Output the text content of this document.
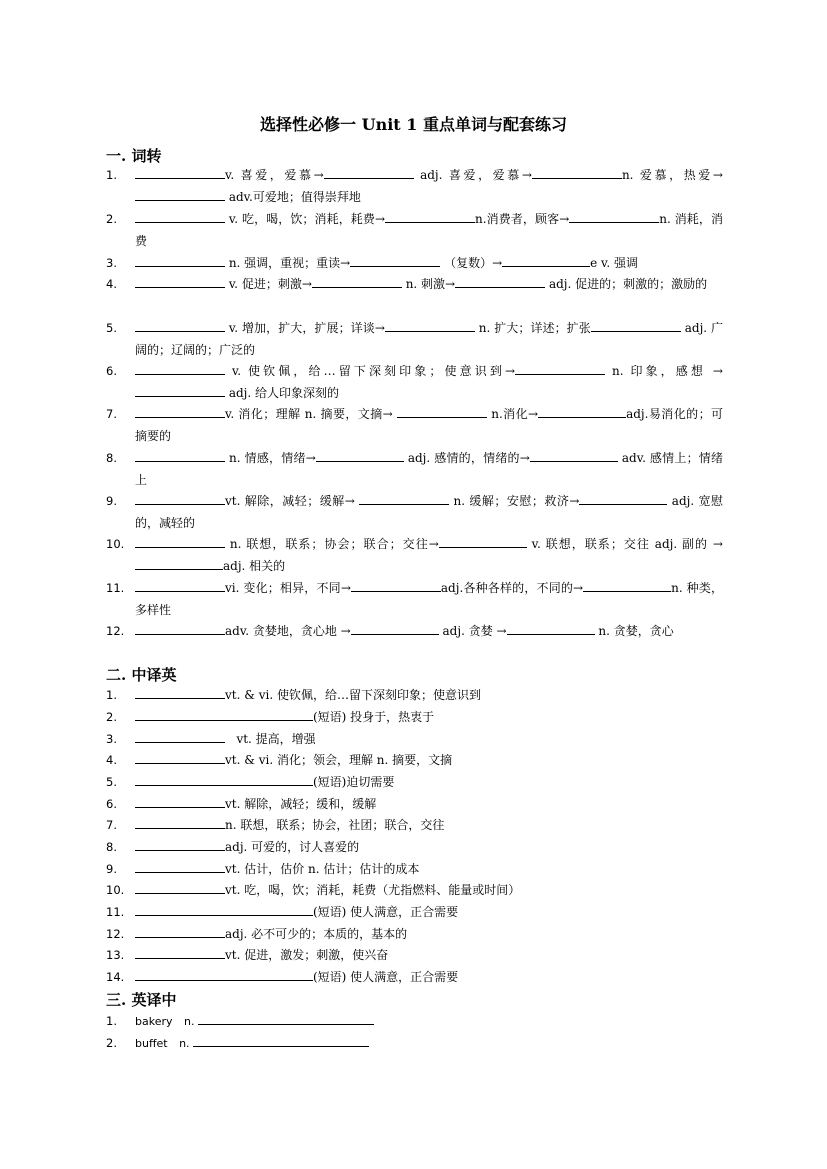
选择性必修一 Unit 1 重点单词与配套练习
一. 词转
1.	v. 喜爱，爱慕→	adj. 喜爱，爱慕→	n. 爱慕，热爱→ adv.可爱地；值得崇拜地
2.	v. 吃，喝，饮；消耗，耗费→	n.消费者，顾客→	n. 消耗，消费
3.	n. 强调，重视；重读→	（复数）→	e v. 强调
4.	v. 促进；刺激→	n. 刺激→	adj. 促进的；刺激的；激励的
5.	v. 增加，扩大，扩展；详谈→	n. 扩大；详述；扩张	adj. 广阔的；辽阔的；广泛的
6.	v. 使钦佩，给…留下深刻印象；使意识到→	n. 印象，感想 → adj. 给人印象深刻的
7.	v. 消化；理解 n. 摘要，文摘→	n.消化→	adj.易消化的；可摘要的
8.	n. 情感，情绪→	adj. 感情的，情绪的→	adv. 感情上；情绪上
9.	vt. 解除，减轻；缓解→	n. 缓解；安慰；救济→	adj. 宽慰的，减轻的
10.	n. 联想，联系；协会；联合；交往→	v. 联想，联系；交往 adj. 副的 →adj. 相关的
11.	vi. 变化；相异，不同→	adj.各种各样的，不同的→	n. 种类，多样性
12.	adv. 贪婪地，贪心地 →	adj. 贪婪 →	n. 贪婪，贪心
二. 中译英
1.	vt. & vi. 使钦佩，给…留下深刻印象；使意识到
2.	(短语) 投身于，热衷于
3.	vt. 提高，增强
4.	vt. & vi. 消化；领会，理解 n. 摘要，文摘
5.	(短语)迫切需要
6.	vt. 解除，减轻；缓和，缓解
7.	n. 联想，联系；协会，社团；联合，交往
8.	adj. 可爱的，讨人喜爱的
9.	vt. 估计，估价 n. 估计；估计的成本
10.	vt. 吃，喝，饮；消耗，耗费（尤指燃料、能量或时间）
11.	(短语) 使人满意，正合需要
12.	adj. 必不可少的；本质的，基本的
13.	vt. 促进，激发；刺激，使兴奋
14.	(短语) 使人满意，正合需要
三. 英译中
1.	bakery n.
2.	buffet n.
